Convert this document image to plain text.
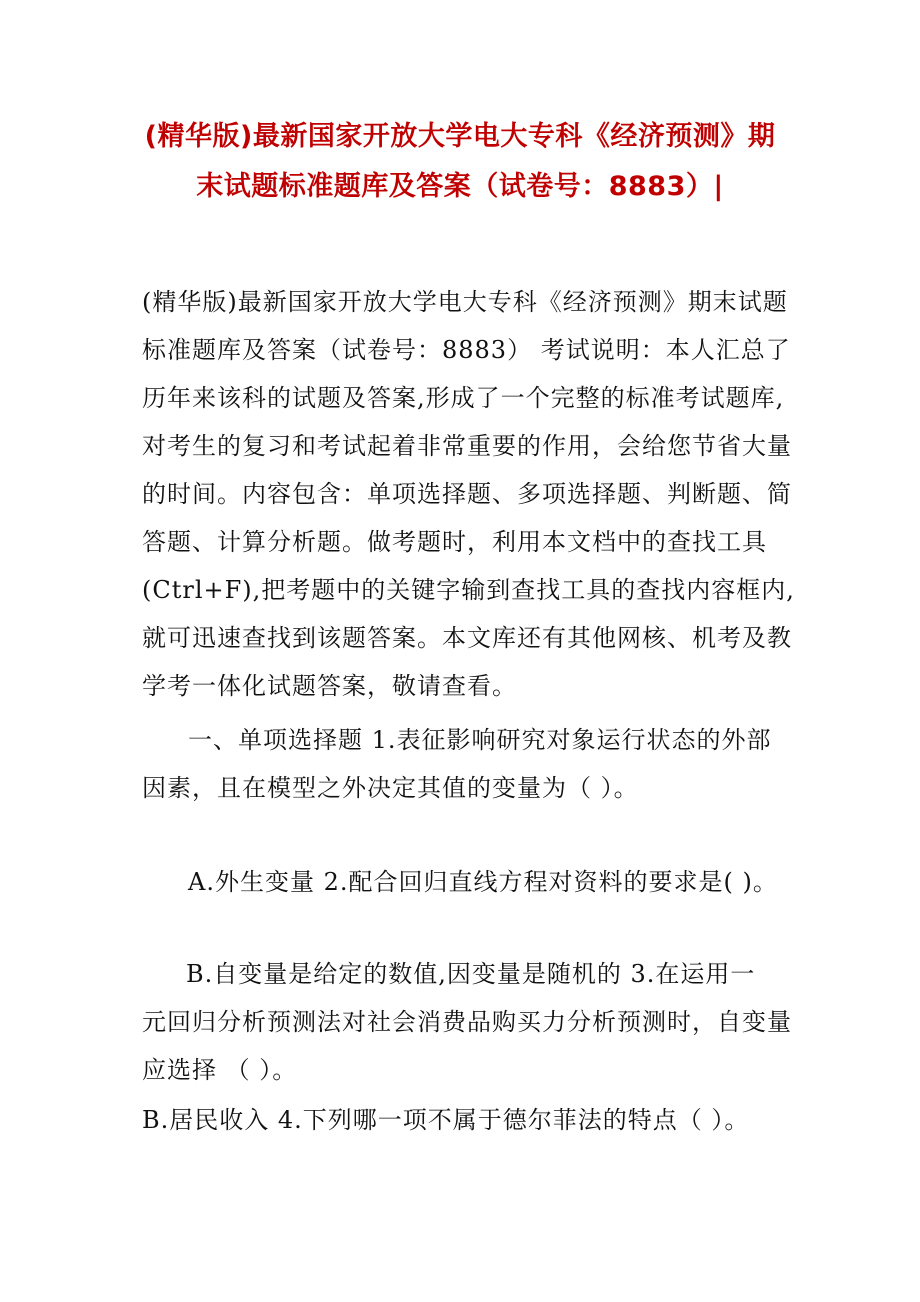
(精华版)最新国家开放大学电大专科《经济预测》期
末试题标准题库及答案（试卷号：8883）|

(精华版)最新国家开放大学电大专科《经济预测》期末试题
标准题库及答案（试卷号：8883） 考试说明：本人汇总了
历年来该科的试题及答案,形成了一个完整的标准考试题库,
对考生的复习和考试起着非常重要的作用，会给您节省大量
的时间。内容包含：单项选择题、多项选择题、判断题、简
答题、计算分析题。做考题时，利用本文档中的查找工具
(Ctrl+F),把考题中的关键字输到查找工具的查找内容框内,
就可迅速查找到该题答案。本文库还有其他网核、机考及教
学考一体化试题答案，敬请查看。

一、单项选择题 1.表征影响研究对象运行状态的外部
因素，且在模型之外决定其值的变量为（ ）。

A.外生变量 2.配合回归直线方程对资料的要求是( )。

B.自变量是给定的数值,因变量是随机的 3.在运用一
元回归分析预测法对社会消费品购买力分析预测时，自变量
应选择 （ ）。

B.居民收入 4.下列哪一项不属于德尔菲法的特点（ ）。
